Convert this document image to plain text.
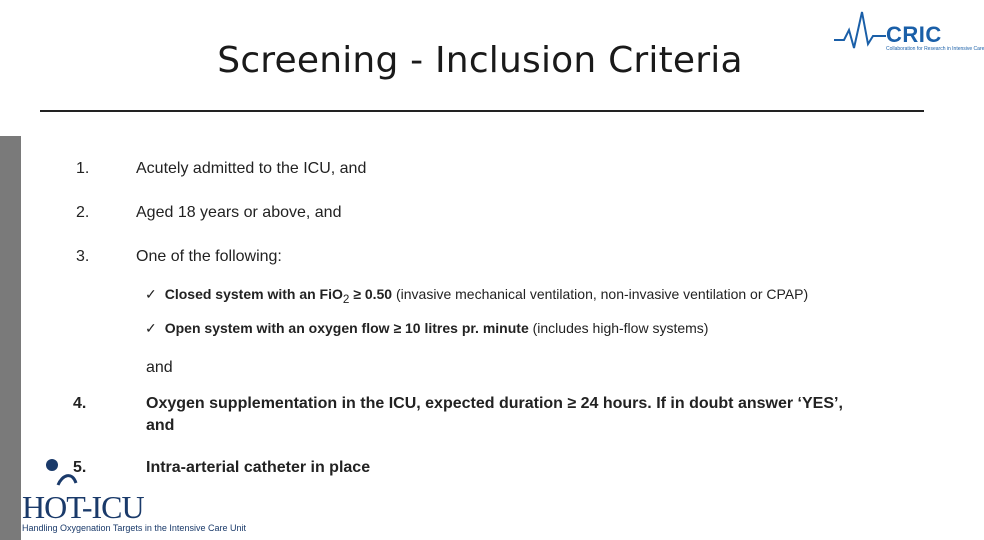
Screening - Inclusion Criteria
CRIC
Collaboration for Research in Intensive Care
1.	Acutely admitted to the ICU, and
2.	Aged 18 years or above, and
3.	One of the following:
✓ Closed system with an FiO$_2$ ≥ 0.50 (invasive mechanical ventilation, non-invasive ventilation or CPAP)
✓ Open system with an oxygen flow ≥ 10 litres pr. minute (includes high-flow systems)
and
4.	Oxygen supplementation in the ICU, expected duration ≥ 24 hours. If in doubt answer ‘YES’,
and
5.	Intra-arterial catheter in place
HOT-ICU
Handling Oxygenation Targets in the Intensive Care Unit
